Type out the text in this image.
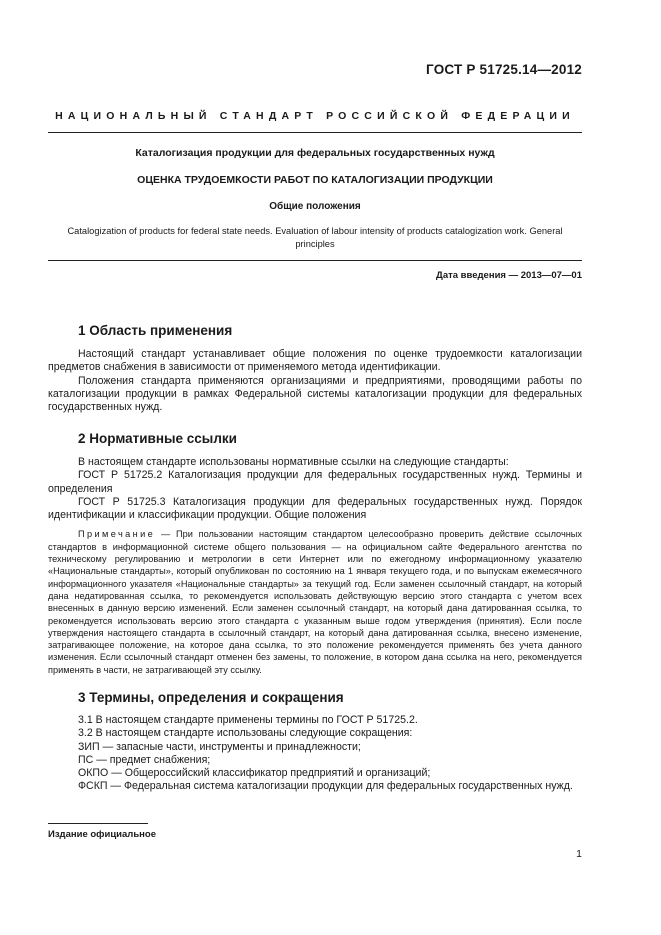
ГОСТ Р 51725.14—2012
НАЦИОНАЛЬНЫЙ СТАНДАРТ РОССИЙСКОЙ ФЕДЕРАЦИИ
Каталогизация продукции для федеральных государственных нужд
ОЦЕНКА ТРУДОЕМКОСТИ РАБОТ ПО КАТАЛОГИЗАЦИИ ПРОДУКЦИИ
Общие положения
Catalogization of products for federal state needs. Evaluation of labour intensity of products catalogization work. General principles
Дата введения — 2013—07—01
1 Область применения

Настоящий стандарт устанавливает общие положения по оценке трудоемкости каталогизации предметов снабжения в зависимости от применяемого метода идентификации.

Положения стандарта применяются организациями и предприятиями, проводящими работы по каталогизации продукции в рамках Федеральной системы каталогизации продукции для федеральных государственных нужд.

2 Нормативные ссылки

В настоящем стандарте использованы нормативные ссылки на следующие стандарты:

ГОСТ Р 51725.2 Каталогизация продукции для федеральных государственных нужд. Термины и определения

ГОСТ Р 51725.3 Каталогизация продукции для федеральных государственных нужд. Порядок идентификации и классификации продукции. Общие положения

Примечание — При пользовании настоящим стандартом целесообразно проверить действие ссылочных стандартов в информационной системе общего пользования — на официальном сайте Федерального агентства по техническому регулированию и метрологии в сети Интернет или по ежегодному информационному указателю «Национальные стандарты», который опубликован по состоянию на 1 января текущего года, и по выпускам ежемесячного информационного указателя «Национальные стандарты» за текущий год. Если заменен ссылочный стандарт, на который дана недатированная ссылка, то рекомендуется использовать действующую версию этого стандарта с учетом всех внесенных в данную версию изменений. Если заменен ссылочный стандарт, на который дана датированная ссылка, то рекомендуется использовать версию этого стандарта с указанным выше годом утверждения (принятия). Если после утверждения настоящего стандарта в ссылочный стандарт, на который дана датированная ссылка, внесено изменение, затрагивающее положение, на которое дана ссылка, то это положение рекомендуется применять без учета данного изменения. Если ссылочный стандарт отменен без замены, то положение, в котором дана ссылка на него, рекомендуется применять в части, не затрагивающей эту ссылку.

3 Термины, определения и сокращения

3.1 В настоящем стандарте применены термины по ГОСТ Р 51725.2.

3.2 В настоящем стандарте использованы следующие сокращения:

ЗИП — запасные части, инструменты и принадлежности;

ПС — предмет снабжения;

ОКПО — Общероссийский классификатор предприятий и организаций;

ФСКП — Федеральная система каталогизации продукции для федеральных государственных нужд.

Издание официальное
1
